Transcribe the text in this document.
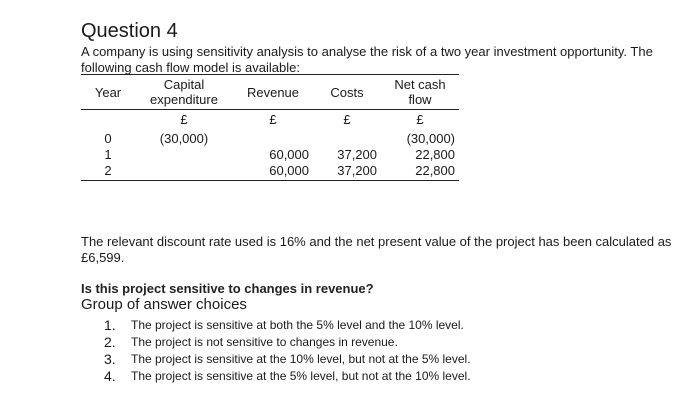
Question 4

A company is using sensitivity analysis to analyse the risk of a two year investment opportunity. The following cash flow model is available:

Year	Capital expenditure	Revenue	Costs	Net cash flow
	£	£	£	£
0	(30,000)			(30,000)
1		60,000	37,200	22,800
2		60,000	37,200	22,800

The relevant discount rate used is 16% and the net present value of the project has been calculated as £6,599.

Is this project sensitive to changes in revenue?

Group of answer choices

1.	The project is sensitive at both the 5% level and the 10% level.
2.	The project is not sensitive to changes in revenue.
3.	The project is sensitive at the 10% level, but not at the 5% level.
4.	The project is sensitive at the 5% level, but not at the 10% level.
